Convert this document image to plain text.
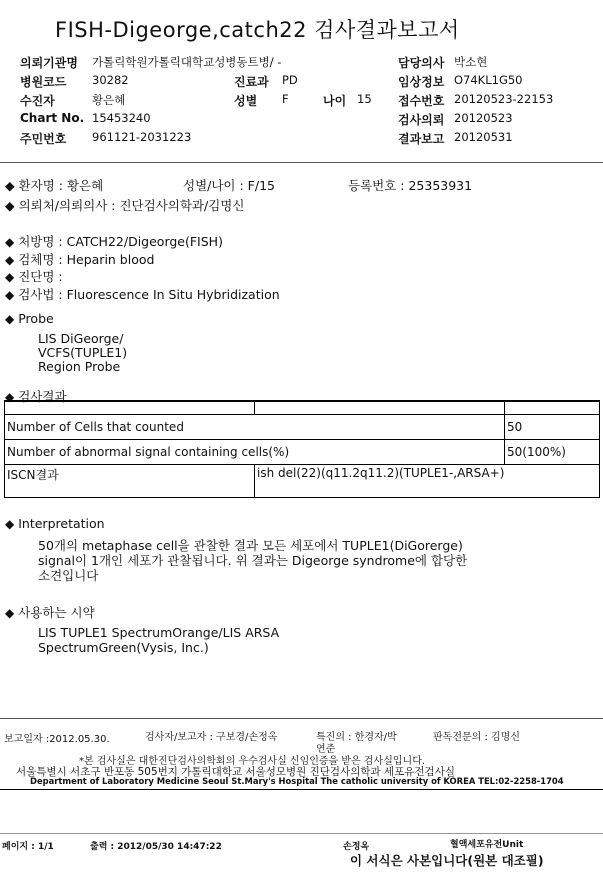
FISH-Digeorge,catch22 검사결과보고서
의뢰기관명 가톨릭학원가톨릭대학교성병동트병/ -	담당의사 박소현
병원코드 30282	진료과 PD	임상정보 O74KL1G50
수진자	황은혜	성별 F	나이 15 접수번호 20120523-22153
Chart No. 15453240	검사의뢰 20120523
주민번호 961121-2031223	결과보고 20120531
◆ 환자명 : 황은혜	성별/나이 : F/15	등록번호 : 25353931
◆ 의뢰처/의뢰의사 : 진단검사의학과/김명신
◆ 처방명 : CATCH22/Digeorge(FISH)
◆ 검체명 : Heparin blood
◆ 진단명 :
◆ 검사법 : Fluorescence In Situ Hybridization
◆ Probe
LIS DiGeorge/
VCFS(TUPLE1)
Region Probe
◆ 검사결과

Number of Cells that counted		50
Number of abnormal signal containing cells(%)		50(100%)
ISCN결과	ish del(22)(q11.2q11.2)(TUPLE1-,ARSA+)	
◆ Interpretation
50개의 metaphase cell을 관찰한 결과 모든 세포에서 TUPLE1(DiGorerge)
signal이 1개인 세포가 관찰됩니다. 위 결과는 Digeorge syndrome에 합당한
소견입니다
◆ 사용하는 시약
LIS TUPLE1 SpectrumOrange/LIS ARSA
SpectrumGreen(Vysis, Inc.)
보고일자 :2012.05.30.	검사자/보고자 : 구보경/손정옥	특진의 : 한경자/박
연준
판독전문의 : 김명신
*본 검사실은 대한진단검사의학회의 우수검사실 신임인증을 받은 검사실입니다.
서울특별시 서초구 반포동 505번지 가톨릭대학교 서울성모병원 진단검사의학과 세포유전검사실
Department of Laboratory Medicine Seoul St.Mary's Hospital The catholic university of KOREA TEL:02-2258-1704
페이지 : 1/1	출력 : 2012/05/30 14:47:22	손정옥	혈액세포유전Unit
이 서식은 사본입니다(원본 대조필)
